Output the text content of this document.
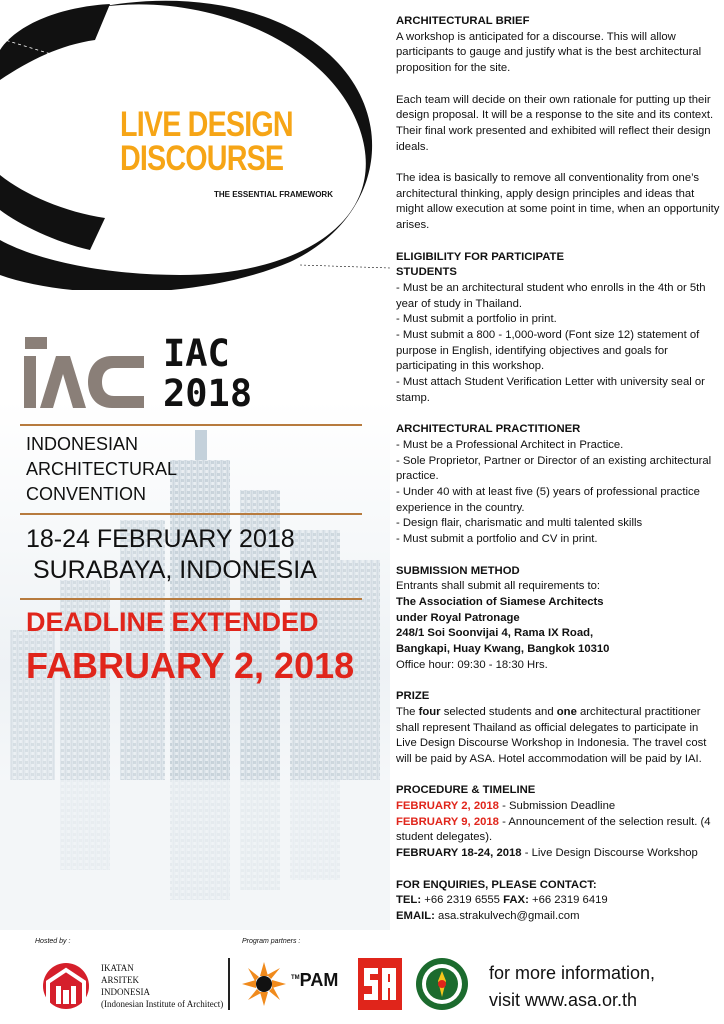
LIVE DESIGN
DISCOURSE
THE ESSENTIAL FRAMEWORK
IAC
2018
INDONESIAN
ARCHITECTURAL
CONVENTION
18-24 FEBRUARY 2018
SURABAYA, INDONESIA
DEADLINE EXTENDED
FABRUARY 2, 2018
ARCHITECTURAL BRIEF

A workshop is anticipated for a discourse. This will allow participants to gauge and justify what is the best architectural proposition for the site.

Each team will decide on their own rationale for putting up their design proposal. It will be a response to the site and its context. Their final work presented and exhibited will reflect their design ideals.

The idea is basically to remove all conventionality from one’s architectural thinking, apply design principles and ideas that might allow execution at some point in time, when an opportunity arises.

ELIGIBILITY FOR PARTICIPATE
STUDENTS

- Must be an architectural student who enrolls in the 4th or 5th year of study in Thailand.

- Must submit a portfolio in print.

- Must submit a 800 - 1,000-word (Font size 12) statement of purpose in English, identifying objectives and goals for participating in this workshop.

- Must attach Student Verification Letter with university seal or stamp.

ARCHITECTURAL PRACTITIONER

- Must be a Professional Architect in Practice.

- Sole Proprietor, Partner or Director of an existing architectural practice.

- Under 40 with at least five (5) years of professional practice experience in the country.

- Design flair, charismatic and multi talented skills

- Must submit a portfolio and CV in print.

SUBMISSION METHOD

Entrants shall submit all requirements to:

The Association of Siamese Architects

under Royal Patronage

248/1 Soi Soonvijai 4, Rama IX Road,

Bangkapi, Huay Kwang, Bangkok 10310

Office hour: 09:30 - 18:30 Hrs.

PRIZE

The four selected students and one architectural practitioner shall represent Thailand as official delegates to participate in Live Design Discourse Workshop in Indonesia. The travel cost will be paid by ASA. Hotel accommodation will be paid by IAI.

PROCEDURE & TIMELINE

FEBRUARY 2, 2018 - Submission Deadline

FEBRUARY 9, 2018 - Announcement of the selection result. (4 student delegates).

FEBRUARY 18-24, 2018 - Live Design Discourse Workshop

FOR ENQUIRIES, PLEASE CONTACT:

TEL: +66 2319 6555 FAX: +66 2319 6419

EMAIL: asa.strakulvech@gmail.com

Hosted by :	Program partners :
IKATAN
ARSITEK
INDONESIA
(Indonesian Institute of Architect)
™PAM	for more information,
visit www.asa.or.th
